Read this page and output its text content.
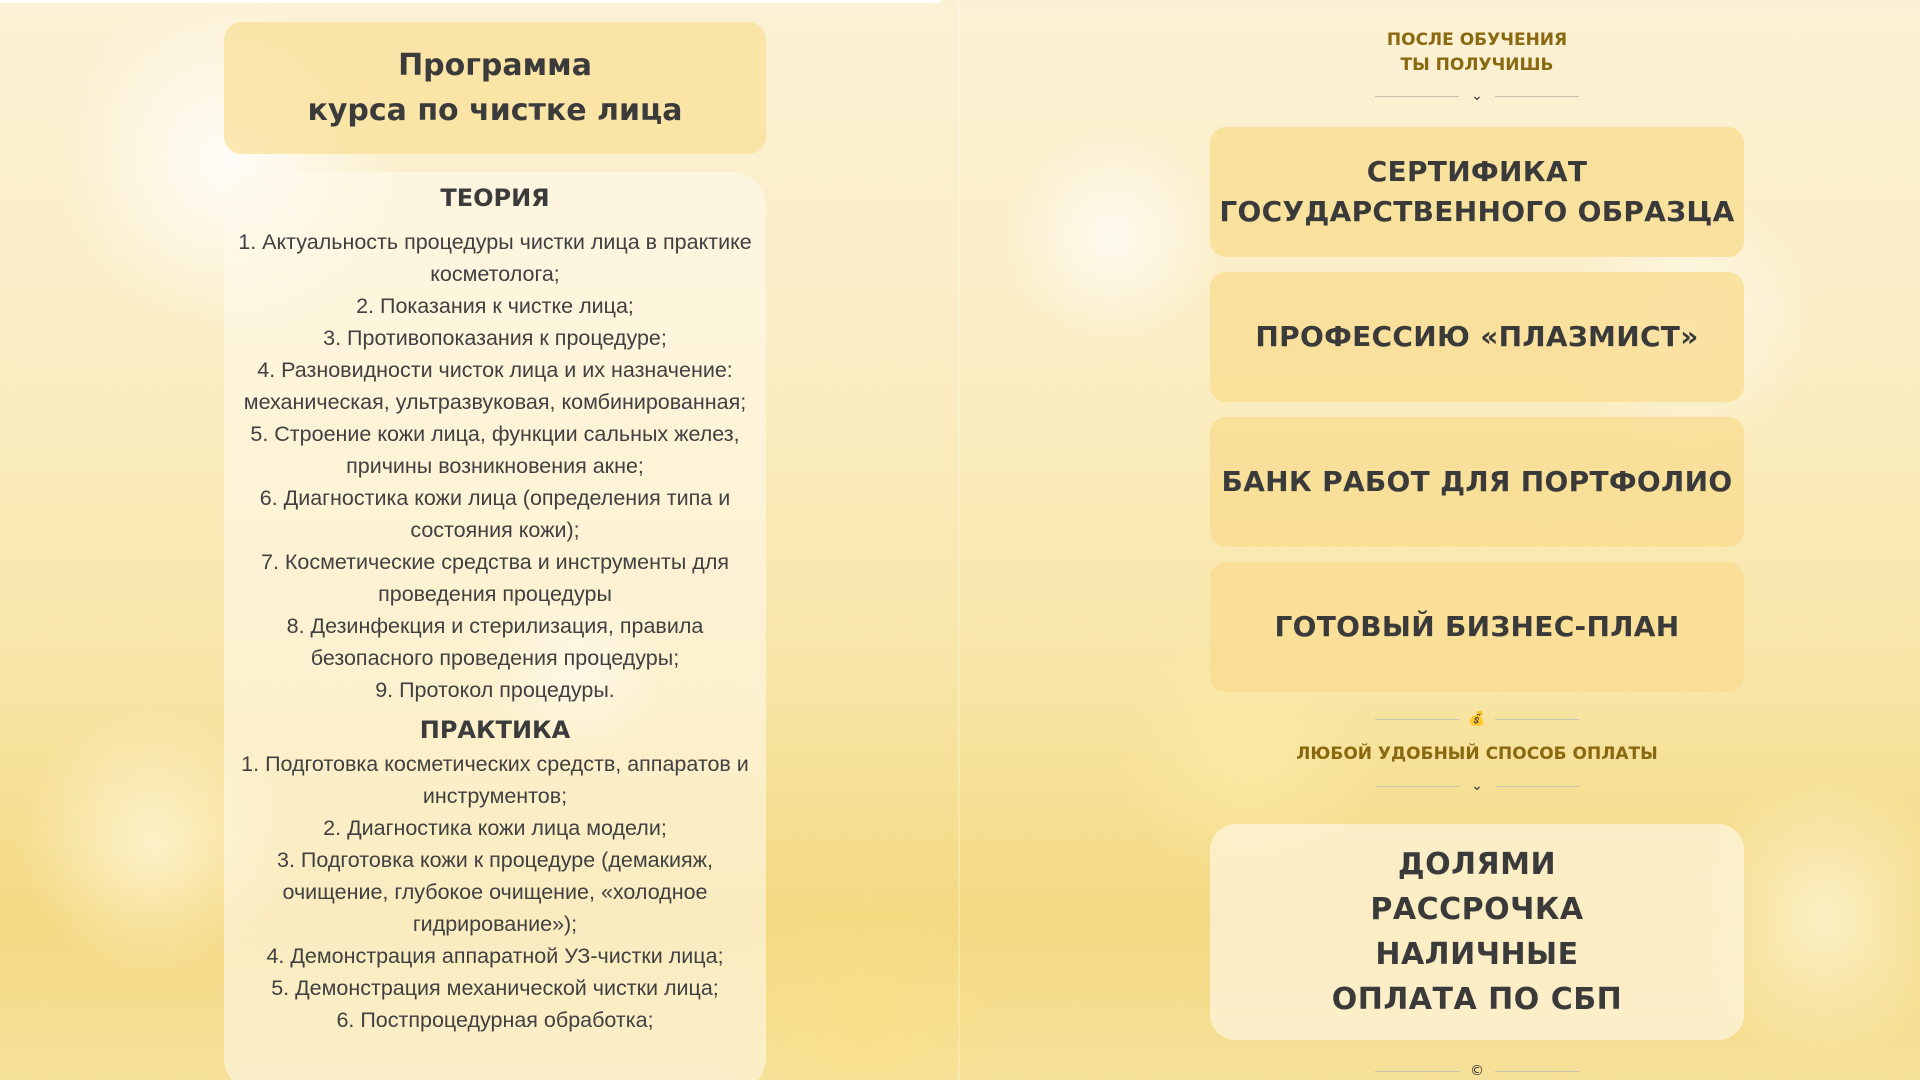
Программа
курса по чистке лица
ТЕОРИЯ
1. Актуальность процедуры чистки лица в практике косметолога;
2. Показания к чистке лица;
3. Противопоказания к процедуре;
4. Разновидности чисток лица и их назначение: механическая, ультразвуковая, комбинированная;
5. Строение кожи лица, функции сальных желез, причины возникновения акне;
6. Диагностика кожи лица (определения типа и состояния кожи);
7. Косметические средства и инструменты для проведения процедуры
8. Дезинфекция и стерилизация, правила безопасного проведения процедуры;
9. Протокол процедуры.
ПРАКТИКА
1. Подготовка косметических средств, аппаратов и инструментов;
2. Диагностика кожи лица модели;
3. Подготовка кожи к процедуре (демакияж, очищение, глубокое очищение, «холодное гидрирование»);
4. Демонстрация аппаратной УЗ-чистки лица;
5. Демонстрация механической чистки лица;
6. Постпроцедурная обработка;
ПОСЛЕ ОБУЧЕНИЯ
ТЫ ПОЛУЧИШЬ
⌄
СЕРТИФИКАТ
ГОСУДАРСТВЕННОГО ОБРАЗЦА
ПРОФЕССИЮ «ПЛАЗМИСТ»
БАНК РАБОТ ДЛЯ ПОРТФОЛИО
ГОТОВЫЙ БИЗНЕС-ПЛАН
💰
ЛЮБОЙ УДОБНЫЙ СПОСОБ ОПЛАТЫ
⌄
ДОЛЯМИ
РАССРОЧКА
НАЛИЧНЫЕ
ОПЛАТА ПО СБП
©
